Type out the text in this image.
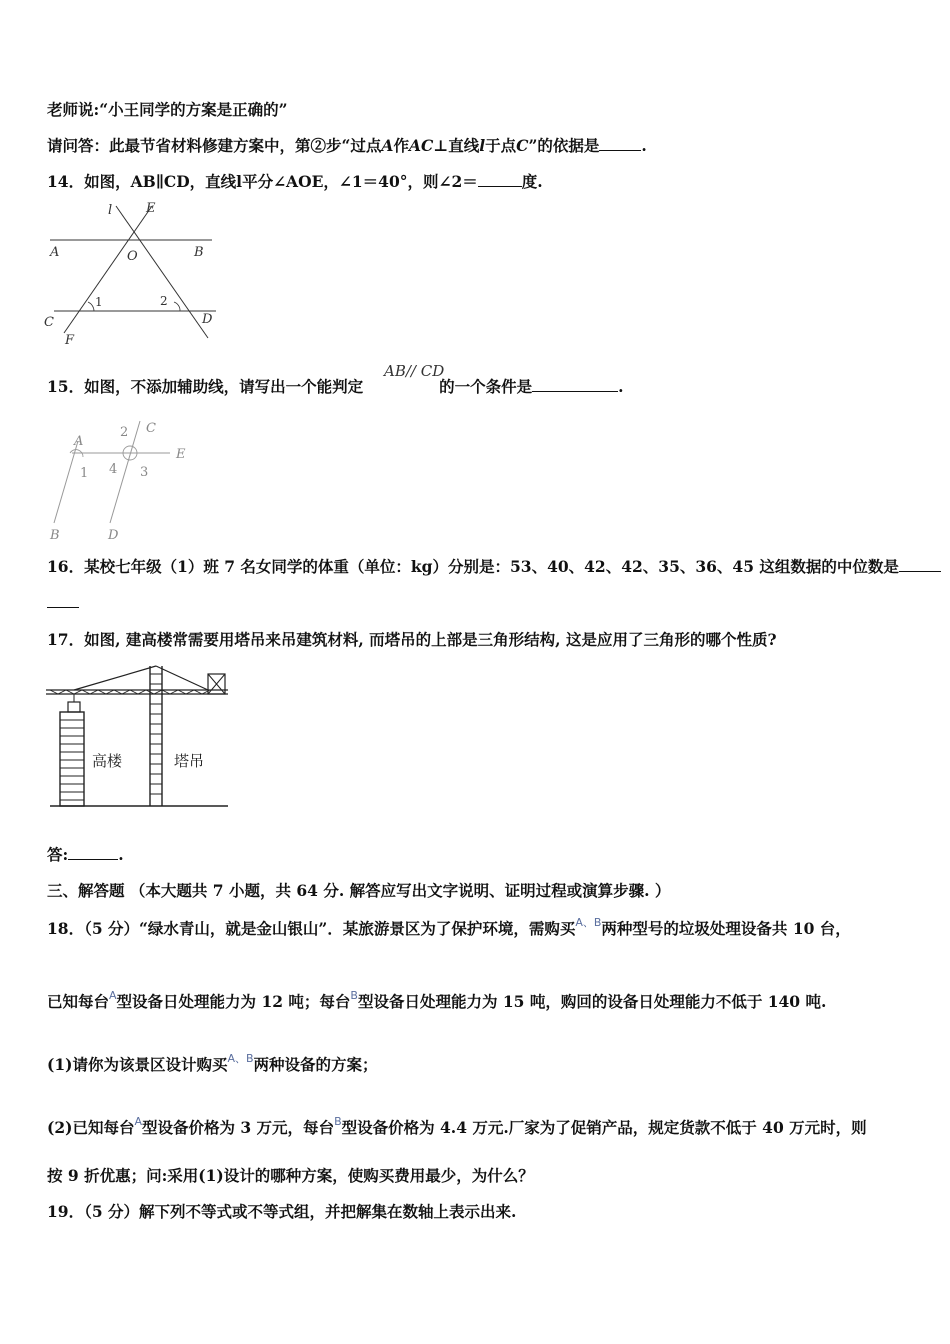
老师说:“小王同学的方案是正确的”
请问答：此最节省材料修建方案中，第②步“过点A作AC⊥直线l于点C”的依据是	.
14．如图，AB∥CD，直线l平分∠AOE，∠1＝40°，则∠2＝	度.
l	E
A	B
O
1	2
C	D
F
AB// CD
15．如图，不添加辅助线，请写出一个能判定	的一个条件是	.
A
C
E
B	D
1
2
3
4
16．某校七年级（1）班 7 名女同学的体重（单位：kg）分别是：53、40、42、42、35、36、45 这组数据的中位数是
17．如图, 建高楼常需要用塔吊来吊建筑材料, 而塔吊的上部是三角形结构, 这是应用了三角形的哪个性质?
高楼	塔吊
答:	.
三、解答题 （本大题共 7 小题，共 64 分. 解答应写出文字说明、证明过程或演算步骤. ）
18．（5 分）“绿水青山，就是金山银山”．某旅游景区为了保护环境，需购买$^{A、B}$两种型号的垃圾处理设备共 10 台，
已知每台$^A$型设备日处理能力为 12 吨；每台$^B$型设备日处理能力为 15 吨，购回的设备日处理能力不低于 140 吨.
(1)请你为该景区设计购买$^{A、B}$两种设备的方案；
(2)已知每台$^A$型设备价格为 3 万元，每台$^B$型设备价格为 4.4 万元.厂家为了促销产品，规定货款不低于 40 万元时，则
按 9 折优惠；问:采用(1)设计的哪种方案，使购买费用最少，为什么？
19．（5 分）解下列不等式或不等式组，并把解集在数轴上表示出来.
